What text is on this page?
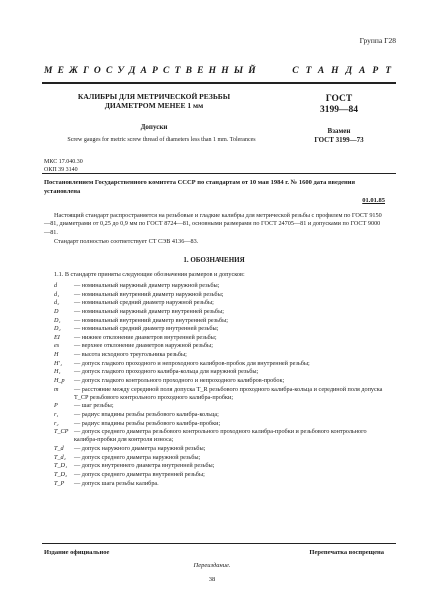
Группа Г28
МЕЖГОСУДАРСТВЕННЫЙ	СТАНДАРТ
КАЛИБРЫ ДЛЯ МЕТРИЧЕСКОЙ РЕЗЬБЫ
ДИАМЕТРОМ МЕНЕЕ 1 мм
ГОСТ
3199—84
Допуски
Screw gauges for metric screw thread of diameters less than 1 mm. Tolerances
Взамен
ГОСТ 3199—73
МКС 17.040.30
ОКП 39 3140
Постановлением Государственного комитета СССР по стандартам от 10 мая 1984 г. № 1600 дата введения установлена
01.01.85
Настоящий стандарт распространяется на резьбовые и гладкие калибры для метрической резьбы с профилем по ГОСТ 9150—81, диаметрами от 0,25 до 0,9 мм по ГОСТ 8724—81, основными размерами по ГОСТ 24705—81 и допусками по ГОСТ 9000—81.
Стандарт полностью соответствует СТ СЭВ 4136—83.
1. ОБОЗНАЧЕНИЯ
1.1. В стандарте приняты следующие обозначения размеров и допусков:
d	— номинальный наружный диаметр наружной резьбы;
d₁	— номинальный внутренний диаметр наружной резьбы;
d₂	— номинальный средний диаметр наружной резьбы;
D	— номинальный наружный диаметр внутренней резьбы;
D₁	— номинальный внутренний диаметр внутренней резьбы;
D₂	— номинальный средний диаметр внутренней резьбы;
EI	— нижнее отклонение диаметров внутренней резьбы;
es	— верхнее отклонение диаметров наружной резьбы;
H	— высота исходного треугольника резьбы;
H′₁	— допуск гладкого проходного и непроходного калибров-пробок для внутренней резьбы;
H₁	— допуск гладкого проходного калибра-кольца для наружной резьбы;
H_p	— допуск гладкого контрольного проходного и непроходного калибров-пробок;
m	— расстояние между серединой поля допуска T_R резьбового проходного калибра-кольца и серединой поля допуска T_CP резьбового контрольного проходного калибра-пробки;
P	— шаг резьбы;
r₁	— радиус впадины резьбы резьбового калибра-кольца;
r₂	— радиус впадины резьбы резьбового калибра-пробки;
T_CP — допуск среднего диаметра резьбового контрольного проходного калибра-пробки и резьбового контрольного калибра-пробки для контроля износа;
T_d	— допуск наружного диаметра наружной резьбы;
T_d₂	— допуск среднего диаметра наружной резьбы;
T_D₁	— допуск внутреннего диаметра внутренней резьбы;
T_D₂	— допуск среднего диаметра внутренней резьбы;
T_P	— допуск шага резьбы калибра.
Издание официальное	Перепечатка воспрещена
Переиздание.
38
